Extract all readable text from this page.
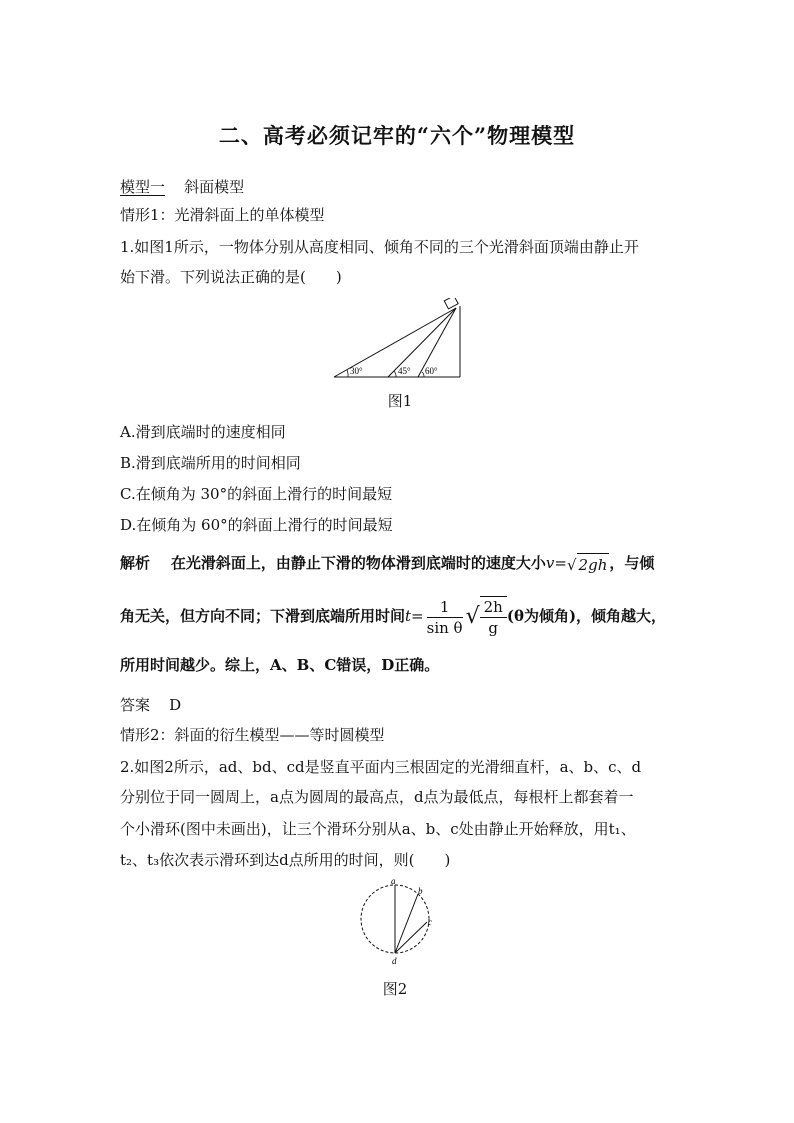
二、高考必须记牢的“六个”物理模型
模型一 斜面模型
情形1：光滑斜面上的单体模型
1.如图1所示，一物体分别从高度相同、倾角不同的三个光滑斜面顶端由静止开
始下滑。下列说法正确的是(　　)
30°	45° 60°
图1
A.滑到底端时的速度相同
B.滑到底端所用的时间相同
C.在倾角为 30°的斜面上滑行的时间最短
D.在倾角为 60°的斜面上滑行的时间最短
解析 在光滑斜面上，由静止下滑的物体滑到底端时的速度大小v=√ 2gh ，与倾
角无关，但方向不同；下滑到底端所用时间$t= \frac{1}{\text{sin θ}}$ √ $\frac{2h}{g} (\theta$为倾角)，倾角越大，
所用时间越少。综上，A、B、C错误，D正确。
答案 D
情形2：斜面的衍生模型——等时圆模型
2.如图2所示，ad、bd、cd是竖直平面内三根固定的光滑细直杆，a、b、c、d
分别位于同一圆周上，a点为圆周的最高点，d点为最低点，每根杆上都套着一
个小滑环(图中未画出)，让三个滑环分别从a、b、c处由静止开始释放，用t₁、
t₂、t₃依次表示滑环到达d点所用的时间，则(　　)
a
b
c
d
图2
